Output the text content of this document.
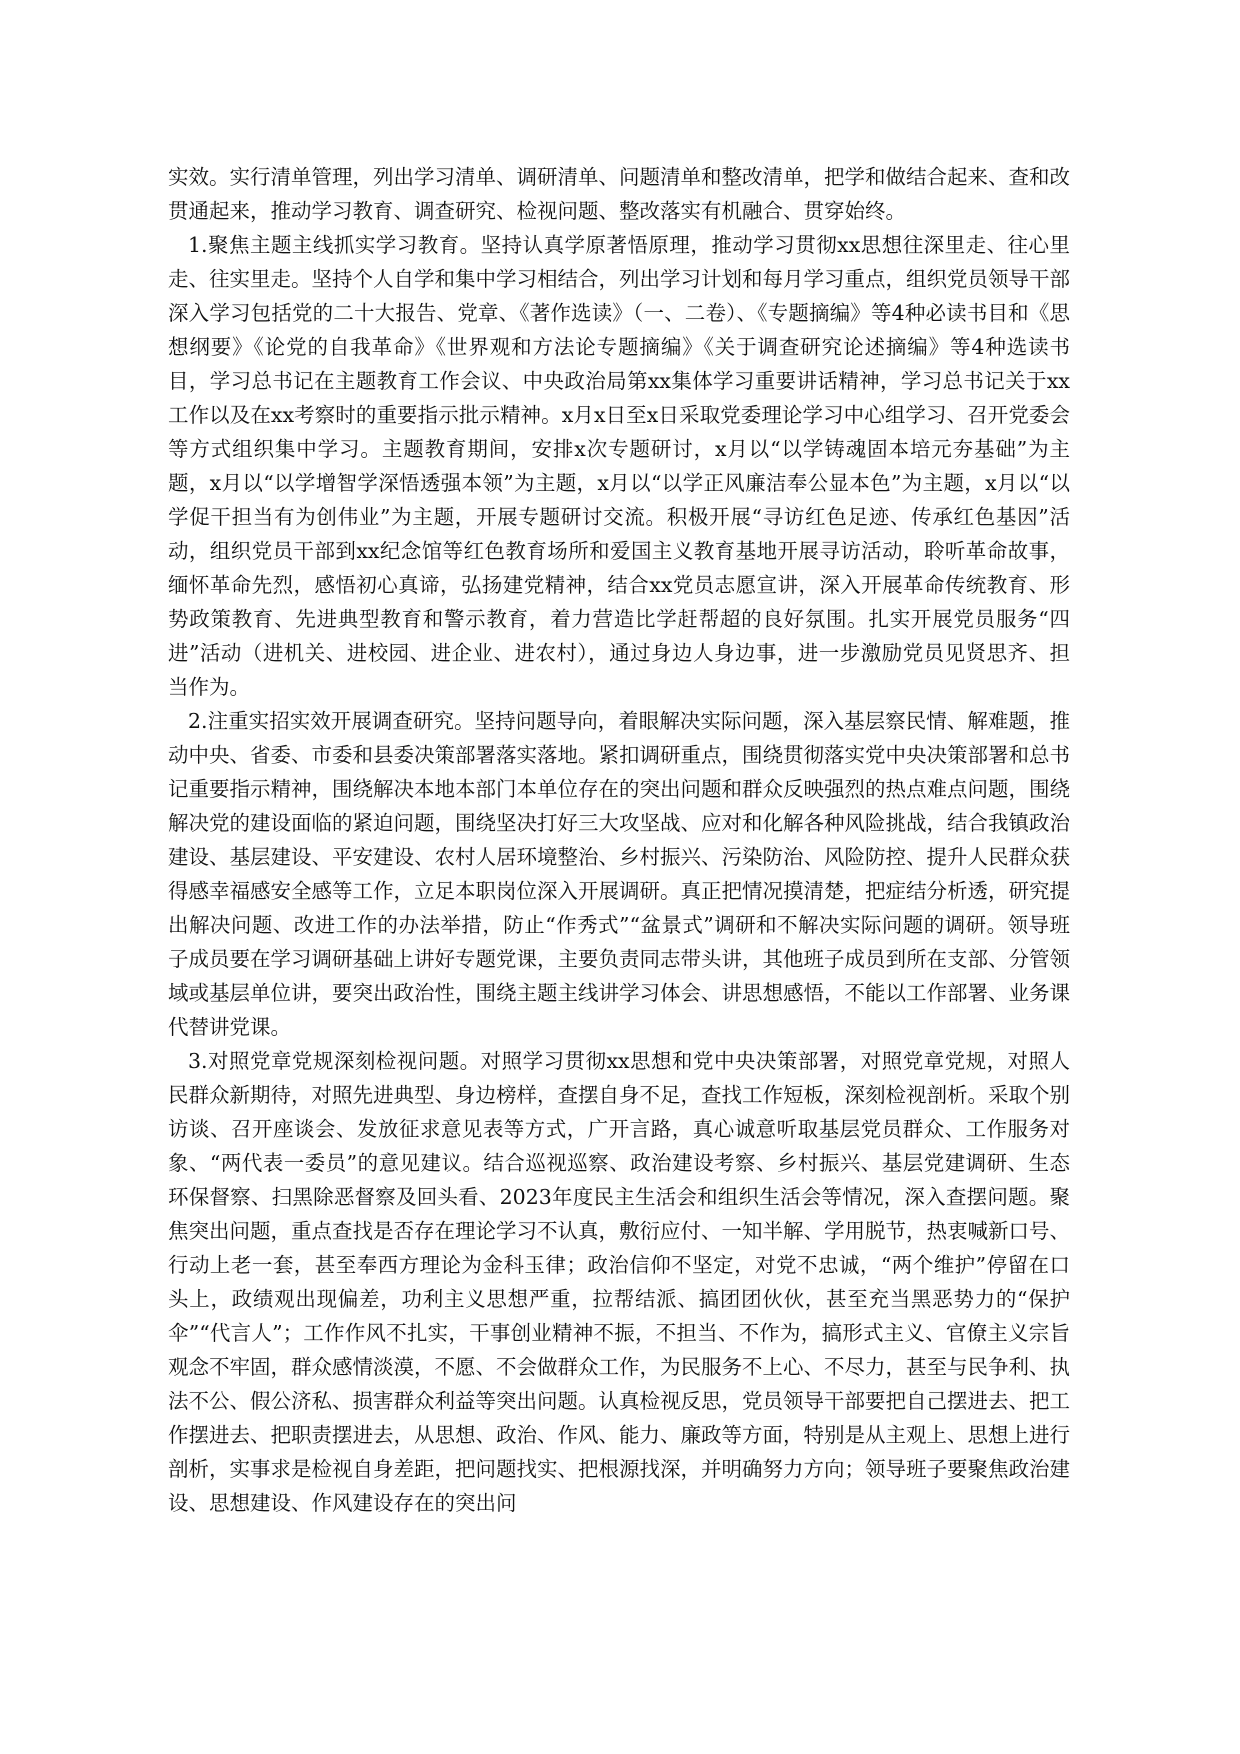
实效。实行清单管理，列出学习清单、调研清单、问题清单和整改清单，把学和做结合起来、查和改贯通起来，推动学习教育、调查研究、检视问题、整改落实有机融合、贯穿始终。

1.聚焦主题主线抓实学习教育。坚持认真学原著悟原理，推动学习贯彻xx思想往深里走、往心里走、往实里走。坚持个人自学和集中学习相结合，列出学习计划和每月学习重点，组织党员领导干部深入学习包括党的二十大报告、党章、《著作选读》（一、二卷）、《专题摘编》等4种必读书目和《思想纲要》《论党的自我革命》《世界观和方法论专题摘编》《关于调查研究论述摘编》等4种选读书目，学习总书记在主题教育工作会议、中央政治局第xx集体学习重要讲话精神，学习总书记关于xx工作以及在xx考察时的重要指示批示精神。x月x日至x日采取党委理论学习中心组学习、召开党委会等方式组织集中学习。主题教育期间，安排x次专题研讨，x月以“以学铸魂固本培元夯基础”为主题，x月以“以学增智学深悟透强本领”为主题，x月以“以学正风廉洁奉公显本色”为主题，x月以“以学促干担当有为创伟业”为主题，开展专题研讨交流。积极开展“寻访红色足迹、传承红色基因”活动，组织党员干部到xx纪念馆等红色教育场所和爱国主义教育基地开展寻访活动，聆听革命故事，缅怀革命先烈，感悟初心真谛，弘扬建党精神，结合xx党员志愿宣讲，深入开展革命传统教育、形势政策教育、先进典型教育和警示教育，着力营造比学赶帮超的良好氛围。扎实开展党员服务“四进”活动（进机关、进校园、进企业、进农村），通过身边人身边事，进一步激励党员见贤思齐、担当作为。

2.注重实招实效开展调查研究。坚持问题导向，着眼解决实际问题，深入基层察民情、解难题，推动中央、省委、市委和县委决策部署落实落地。紧扣调研重点，围绕贯彻落实党中央决策部署和总书记重要指示精神，围绕解决本地本部门本单位存在的突出问题和群众反映强烈的热点难点问题，围绕解决党的建设面临的紧迫问题，围绕坚决打好三大攻坚战、应对和化解各种风险挑战，结合我镇政治建设、基层建设、平安建设、农村人居环境整治、乡村振兴、污染防治、风险防控、提升人民群众获得感幸福感安全感等工作，立足本职岗位深入开展调研。真正把情况摸清楚，把症结分析透，研究提出解决问题、改进工作的办法举措，防止“作秀式”“盆景式”调研和不解决实际问题的调研。领导班子成员要在学习调研基础上讲好专题党课，主要负责同志带头讲，其他班子成员到所在支部、分管领域或基层单位讲，要突出政治性，围绕主题主线讲学习体会、讲思想感悟，不能以工作部署、业务课代替讲党课。

3.对照党章党规深刻检视问题。对照学习贯彻xx思想和党中央决策部署，对照党章党规，对照人民群众新期待，对照先进典型、身边榜样，查摆自身不足，查找工作短板，深刻检视剖析。采取个别访谈、召开座谈会、发放征求意见表等方式，广开言路，真心诚意听取基层党员群众、工作服务对象、“两代表一委员”的意见建议。结合巡视巡察、政治建设考察、乡村振兴、基层党建调研、生态环保督察、扫黑除恶督察及回头看、2023年度民主生活会和组织生活会等情况，深入查摆问题。聚焦突出问题，重点查找是否存在理论学习不认真，敷衍应付、一知半解、学用脱节，热衷喊新口号、行动上老一套，甚至奉西方理论为金科玉律；政治信仰不坚定，对党不忠诚，“两个维护”停留在口头上，政绩观出现偏差，功利主义思想严重，拉帮结派、搞团团伙伙，甚至充当黑恶势力的“保护伞”“代言人”；工作作风不扎实，干事创业精神不振，不担当、不作为，搞形式主义、官僚主义宗旨观念不牢固，群众感情淡漠，不愿、不会做群众工作，为民服务不上心、不尽力，甚至与民争利、执法不公、假公济私、损害群众利益等突出问题。认真检视反思，党员领导干部要把自己摆进去、把工作摆进去、把职责摆进去，从思想、政治、作风、能力、廉政等方面，特别是从主观上、思想上进行剖析，实事求是检视自身差距，把问题找实、把根源找深，并明确努力方向；领导班子要聚焦政治建设、思想建设、作风建设存在的突出问
